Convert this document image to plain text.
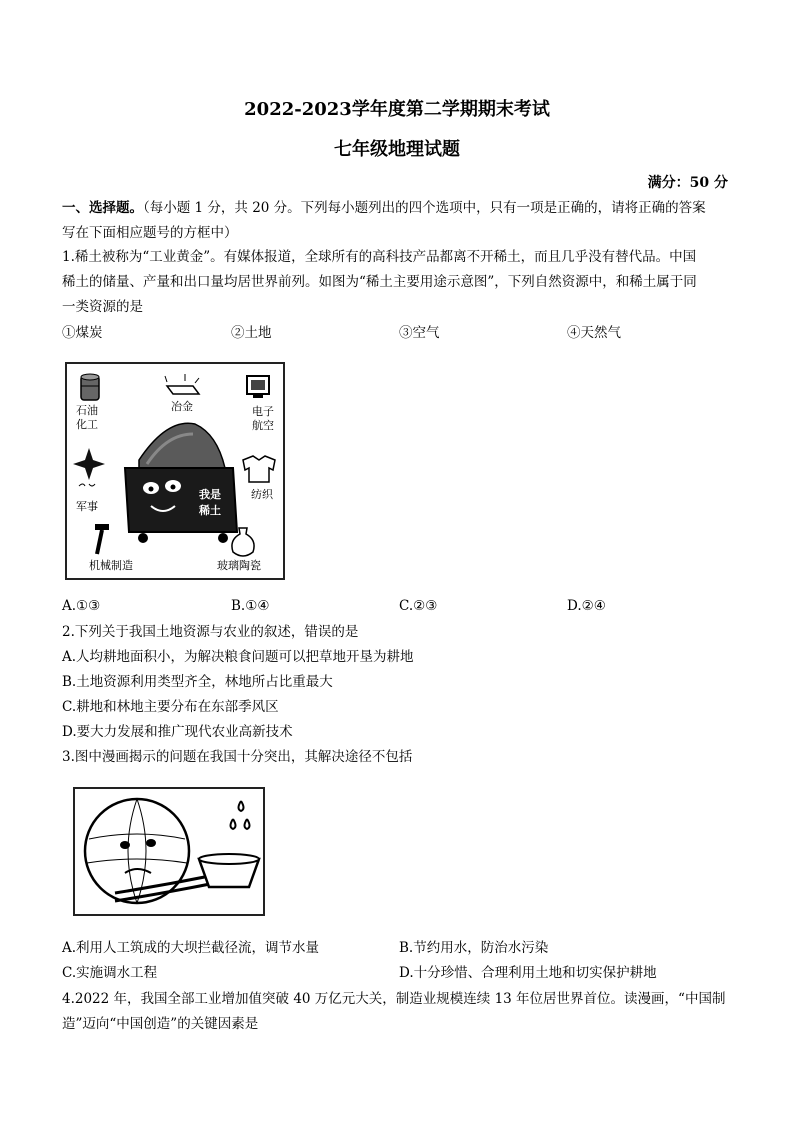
2022-2023学年度第二学期期末考试
七年级地理试题
满分：50 分
一、选择题。（每小题 1 分，共 20 分。下列每小题列出的四个选项中，只有一项是正确的，请将正确的答案
写在下面相应题号的方框中）
1.稀土被称为“工业黄金”。有媒体报道，全球所有的高科技产品都离不开稀土，而且几乎没有替代品。中国
稀土的储量、产量和出口量均居世界前列。如图为“稀土主要用途示意图”，下列自然资源中，和稀土属于同
一类资源的是
①煤炭	②土地	③空气	④天然气
石油
化工
冶金	电子
航空
军事
纺织
机械制造	玻璃陶瓷
我是
稀土
A.①③	B.①④	C.②③	D.②④
2.下列关于我国土地资源与农业的叙述，错误的是
A.人均耕地面积小，为解决粮食问题可以把草地开垦为耕地
B.土地资源利用类型齐全，林地所占比重最大
C.耕地和林地主要分布在东部季风区
D.要大力发展和推广现代农业高新技术
3.图中漫画揭示的问题在我国十分突出，其解决途径不包括
A.利用人工筑成的大坝拦截径流，调节水量	B.节约用水，防治水污染
C.实施调水工程	D.十分珍惜、合理利用土地和切实保护耕地
4.2022 年，我国全部工业增加值突破 40 万亿元大关，制造业规模连续 13 年位居世界首位。读漫画，“中国制
造”迈向“中国创造”的关键因素是
